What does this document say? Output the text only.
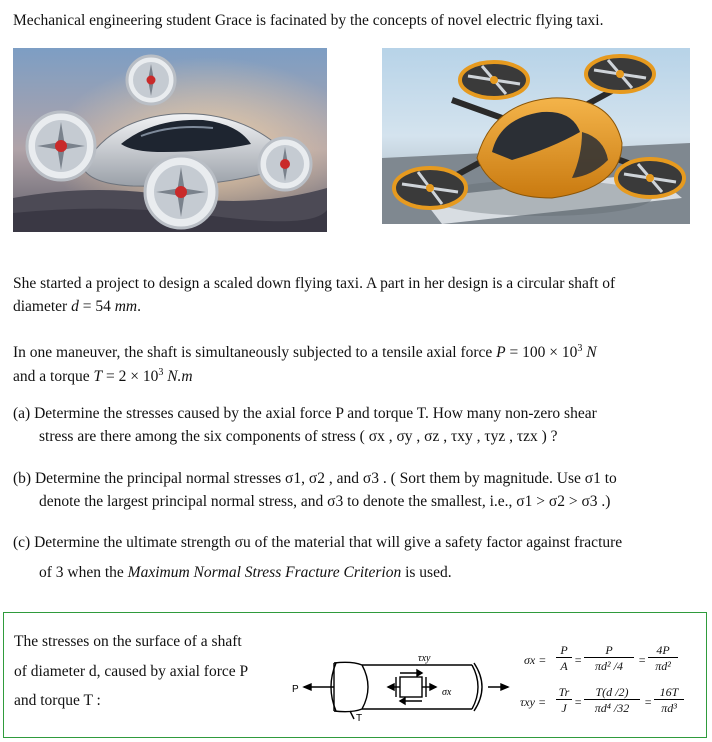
Mechanical engineering student Grace is facinated by the concepts of novel electric flying taxi.
She started a project to design a scaled down flying taxi. A part in her design is a circular shaft of
diameter d = 54 mm.
In one maneuver, the shaft is simultaneously subjected to a tensile axial force $P = 100 \times 10^3$ N
and a torque $T = 2 \times 10^3$ N.m
(a) Determine the stresses caused by the axial force P and torque T. How many non-zero shear
stress are there among the six components of stress ( σx , σy , σz , τxy , τyz , τzx ) ?
(b) Determine the principal normal stresses σ1, σ2 , and σ3 . ( Sort them by magnitude. Use σ1 to
denote the largest principal normal stress, and σ3 to denote the smallest, i.e., σ1 > σ2 > σ3 .)
(c) Determine the ultimate strength σu of the material that will give a safety factor against fracture
of 3 when the Maximum Normal Stress Fracture Criterion is used.
The stresses on the surface of a shaft
of diameter d, caused by axial force P
and torque T :
P
T
τxy
σx
σx =
P
A =
P
πd² /4	=
4P
πd²
τxy =
Tr
J =
T(d /2)
πd⁴ /32	=
16T
πd³
